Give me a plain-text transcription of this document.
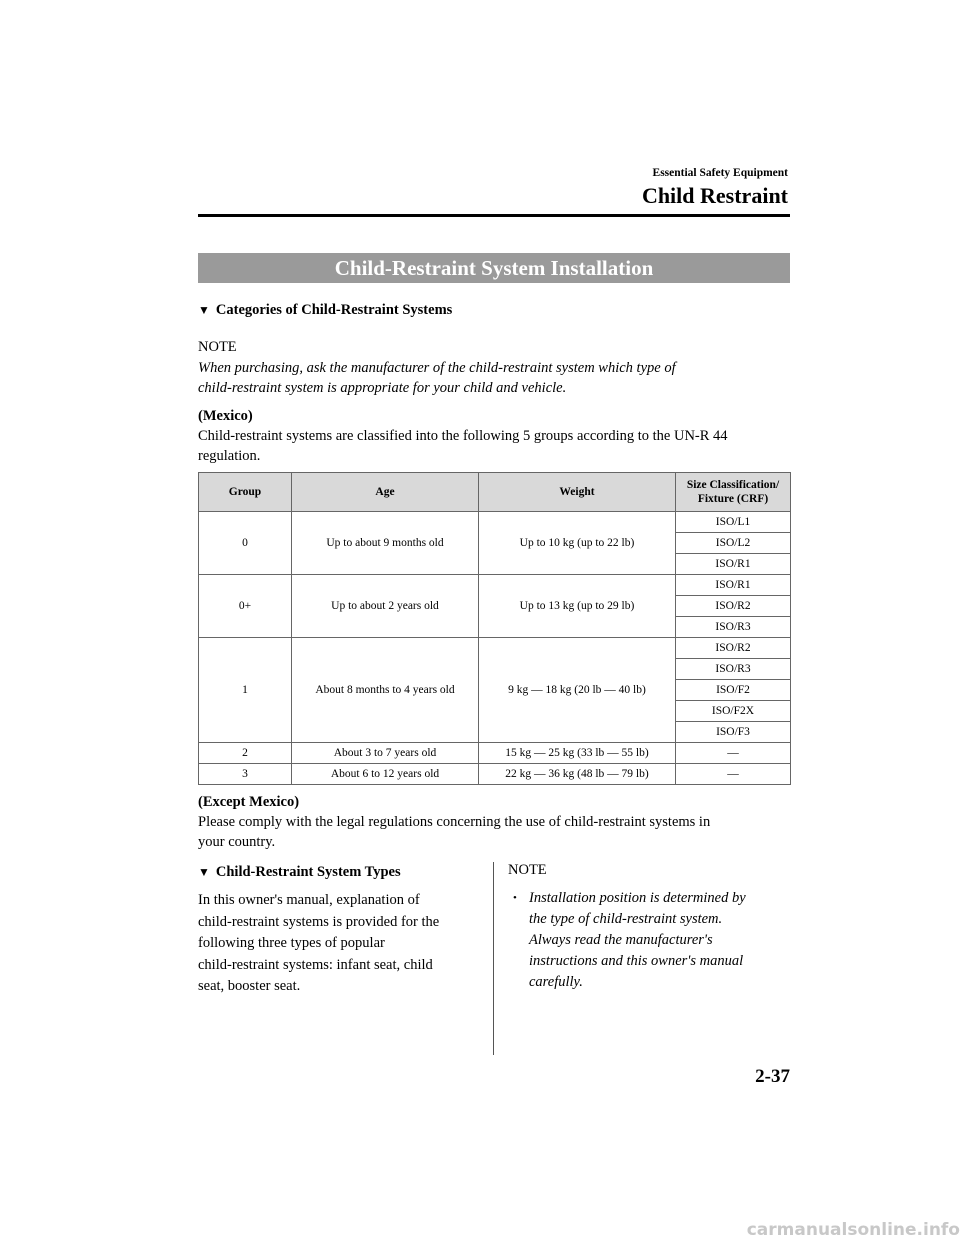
Essential Safety Equipment
Child Restraint
Child-Restraint System Installation
▼ Categories of Child-Restraint Systems
NOTE
When purchasing, ask the manufacturer of the child-restraint system which type of
child-restraint system is appropriate for your child and vehicle.
(Mexico)
Child-restraint systems are classified into the following 5 groups according to the UN-R 44
regulation.
Group	Age	Weight	Size Classification/
Fixture (CRF)

0	Up to about 9 months old	Up to 10 kg (up to 22 lb)	ISO/L1
			ISO/L2
			ISO/R1
0+	Up to about 2 years old	Up to 13 kg (up to 29 lb)	ISO/R1
			ISO/R2
			ISO/R3
1	About 8 months to 4 years old	9 kg ― 18 kg (20 lb ― 40 lb)	ISO/R2
			ISO/R3
			ISO/F2
			ISO/F2X
			ISO/F3
2	About 3 to 7 years old	15 kg ― 25 kg (33 lb ― 55 lb)	―
3	About 6 to 12 years old	22 kg ― 36 kg (48 lb ― 79 lb)	―
(Except Mexico)
Please comply with the legal regulations concerning the use of child-restraint systems in
your country.
▼ Child-Restraint System Types
In this owner's manual, explanation of
child-restraint systems is provided for the
following three types of popular
child-restraint systems: infant seat, child
seat, booster seat.
NOTE
• Installation position is determined by
the type of child-restraint system.
Always read the manufacturer's
instructions and this owner's manual
carefully.
2-37
carmanualsonline.info
